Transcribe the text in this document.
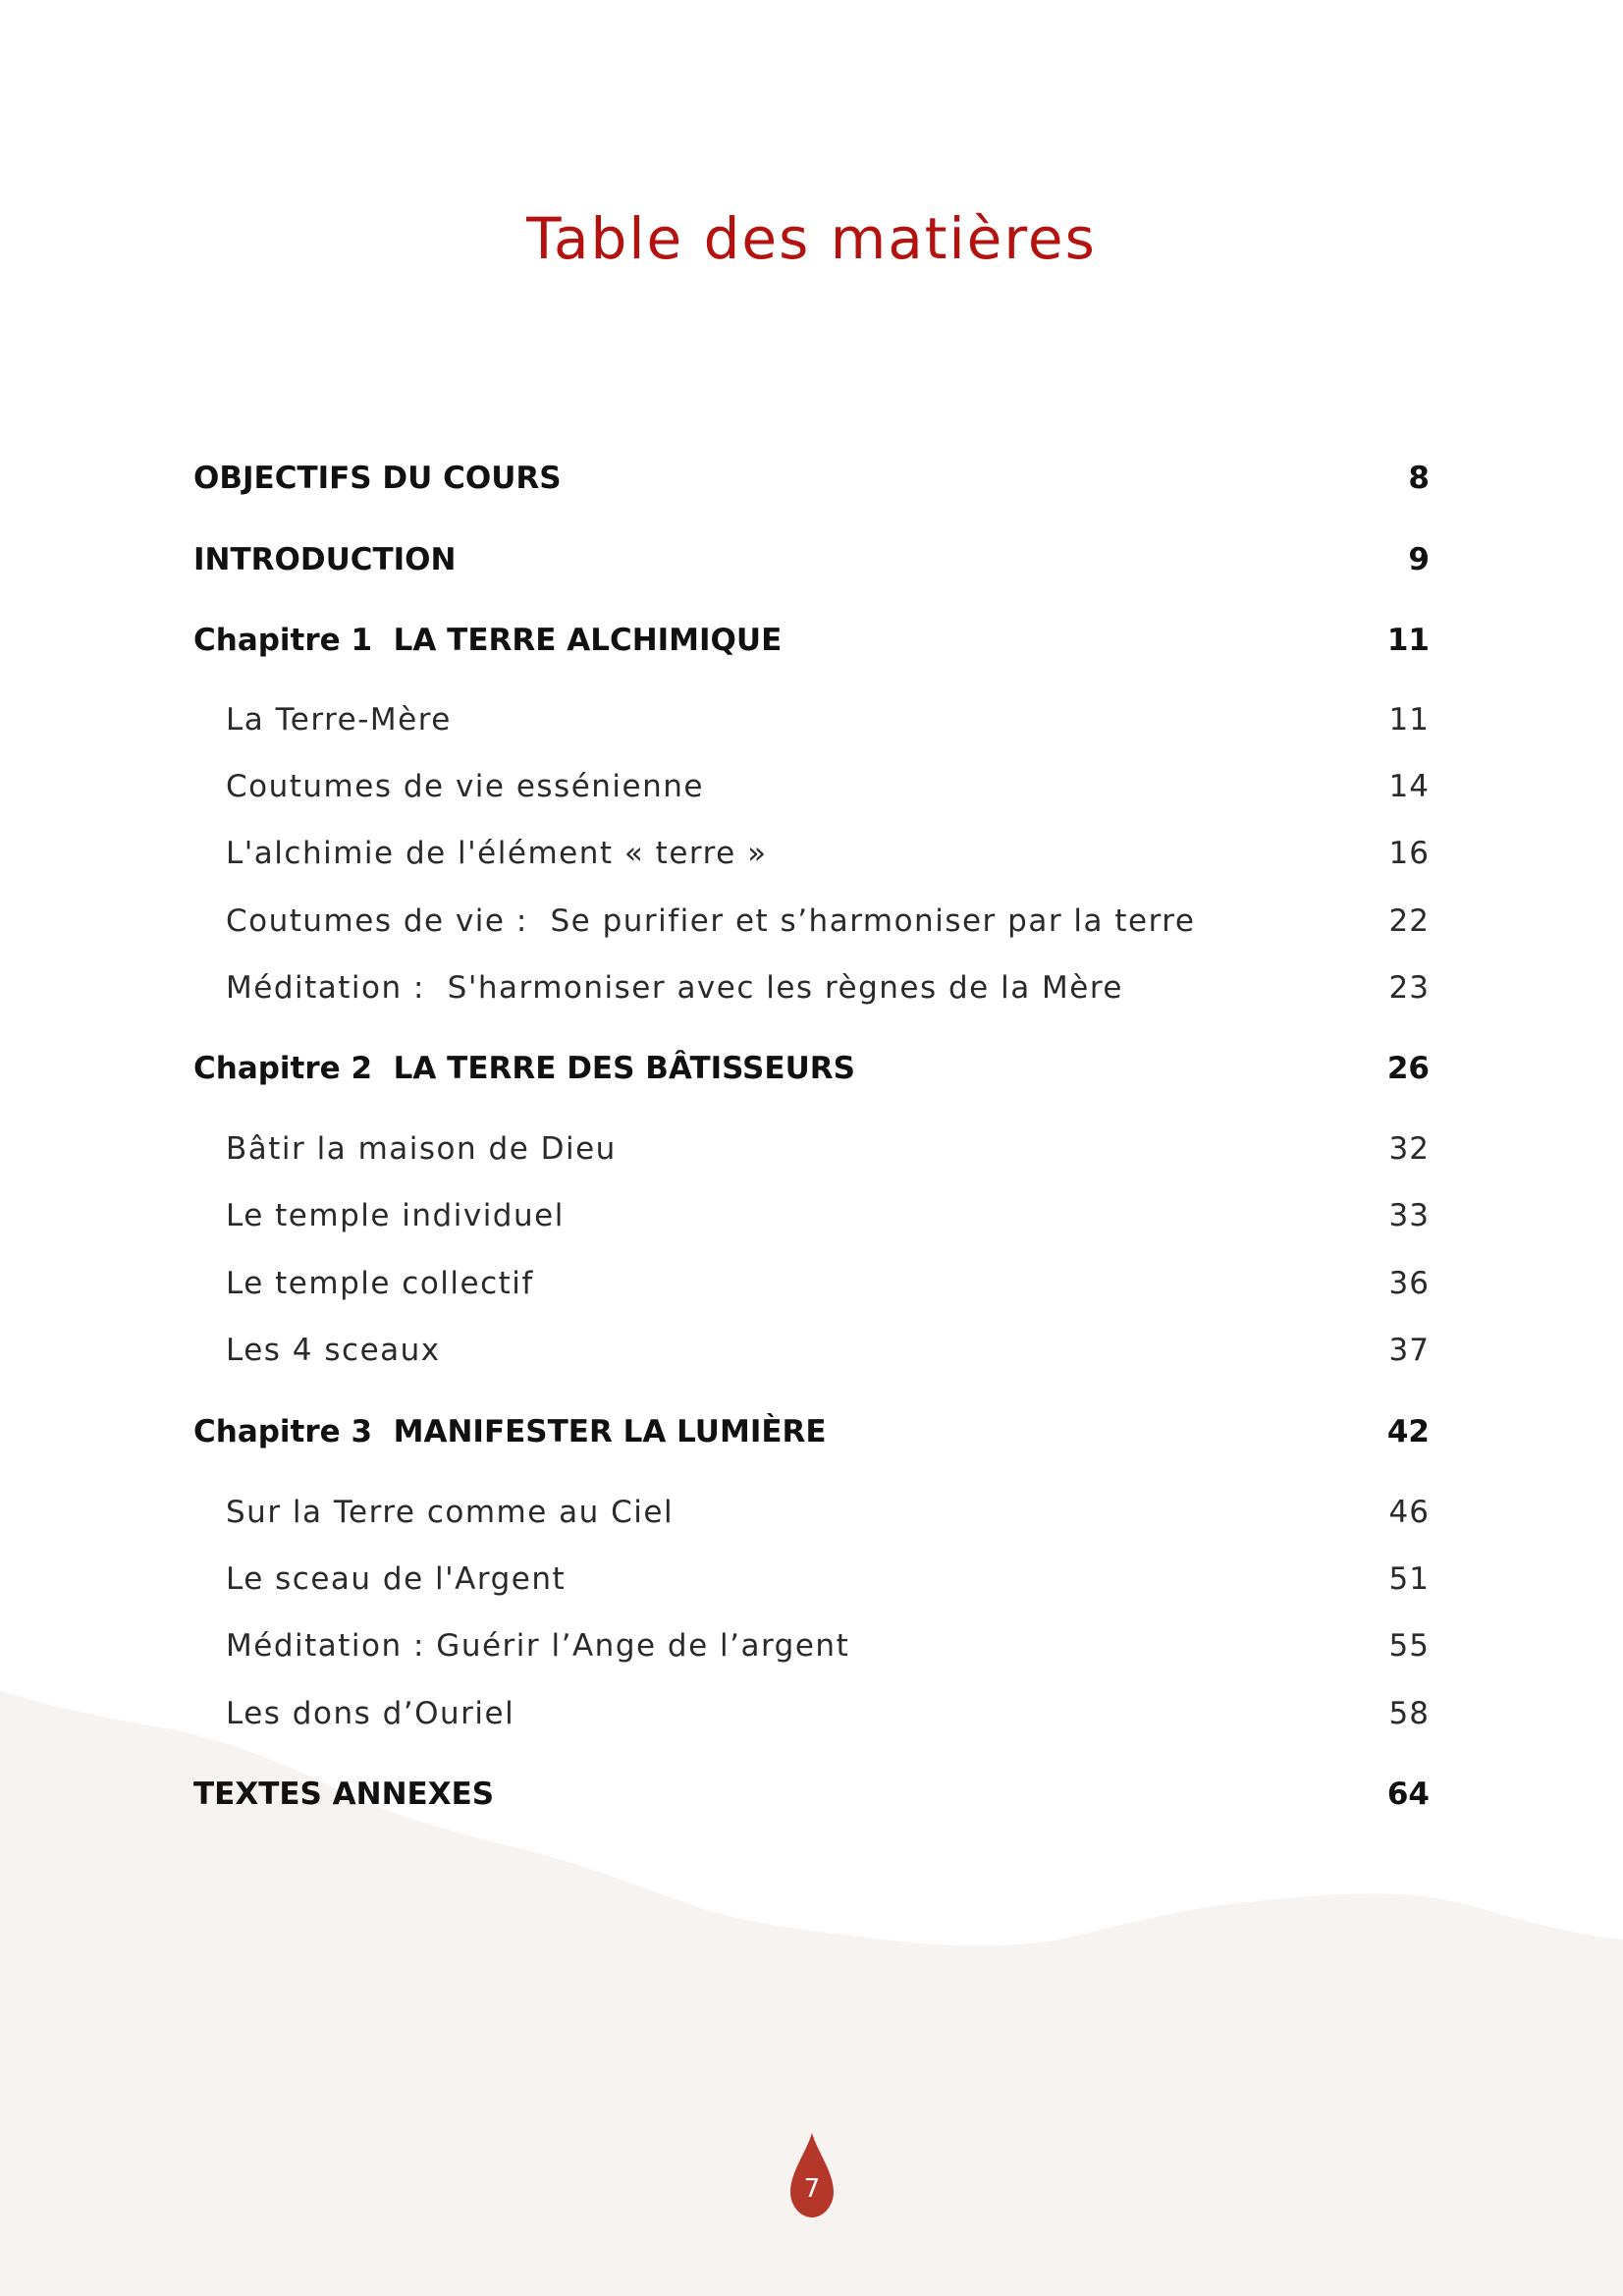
Table des matières
OBJECTIFS DU COURS	8
INTRODUCTION	9
Chapitre 1  LA TERRE ALCHIMIQUE	11
La Terre-Mère	11
Coutumes de vie essénienne	14
L'alchimie de l'élément « terre »	16
Coutumes de vie :  Se purifier et s’harmoniser par la terre	22
Méditation :  S'harmoniser avec les règnes de la Mère	23
Chapitre 2  LA TERRE DES BÂTISSEURS	26
Bâtir la maison de Dieu	32
Le temple individuel	33
Le temple collectif	36
Les 4 sceaux	37
Chapitre 3  MANIFESTER LA LUMIÈRE	42
Sur la Terre comme au Ciel	46
Le sceau de l'Argent	51
Méditation : Guérir l’Ange de l’argent	55
Les dons d’Ouriel	58
TEXTES ANNEXES	64
7
